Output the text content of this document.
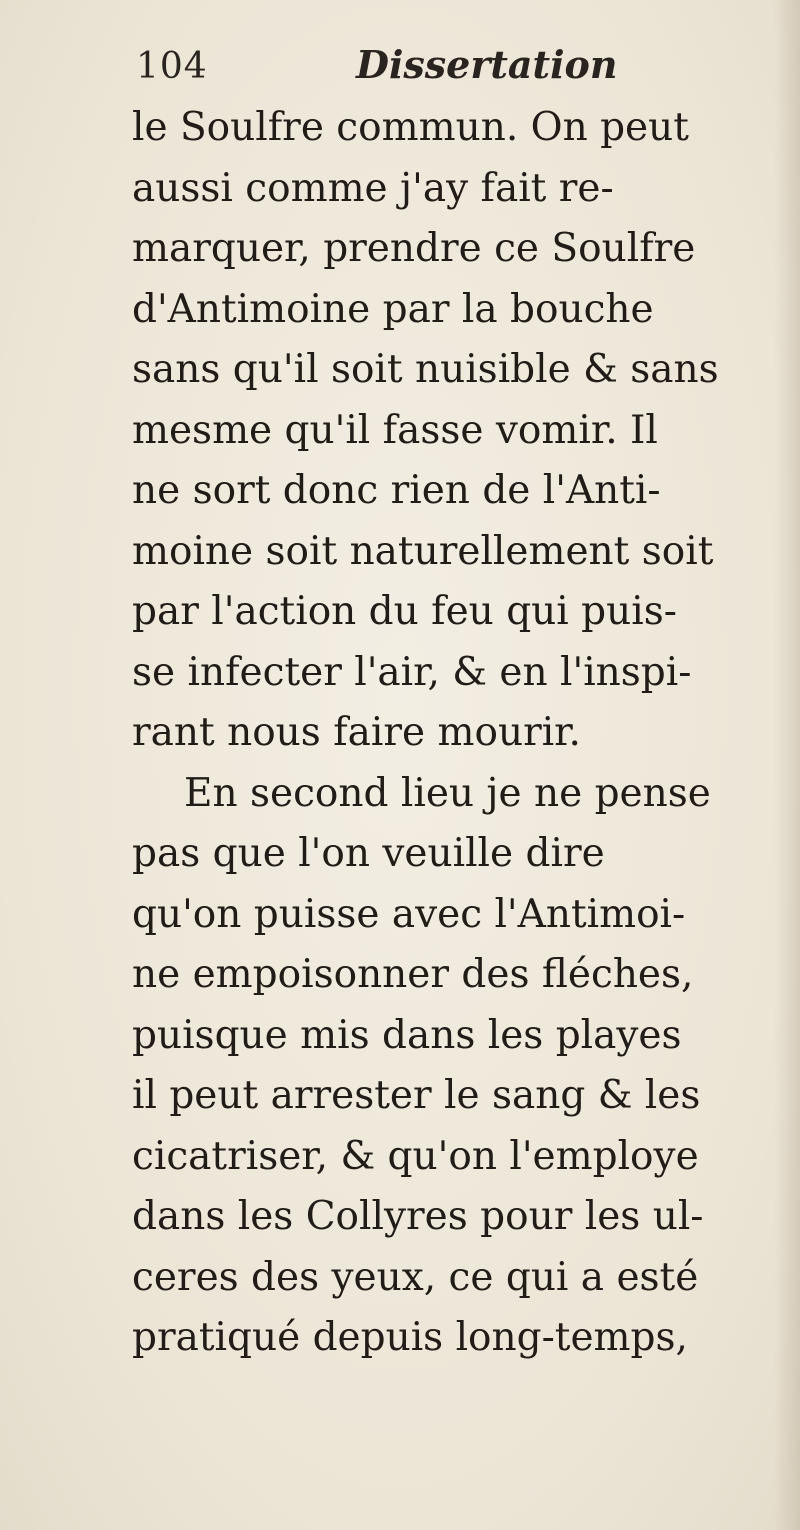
104	Dissertation
le Soulfre commun. On peut
aussi comme j'ay fait re-
marquer, prendre ce Soulfre
d'Antimoine par la bouche
sans qu'il soit nuisible & sans
mesme qu'il fasse vomir. Il
ne sort donc rien de l'Anti-
moine soit naturellement soit
par l'action du feu qui puis-
se infecter l'air, & en l'inspi-
rant nous faire mourir.
En second lieu je ne pense
pas que l'on veuille dire
qu'on puisse avec l'Antimoi-
ne empoisonner des fléches,
puisque mis dans les playes
il peut arrester le sang & les
cicatriser, & qu'on l'employe
dans les Collyres pour les ul-
ceres des yeux, ce qui a esté
pratiqué depuis long-temps,
